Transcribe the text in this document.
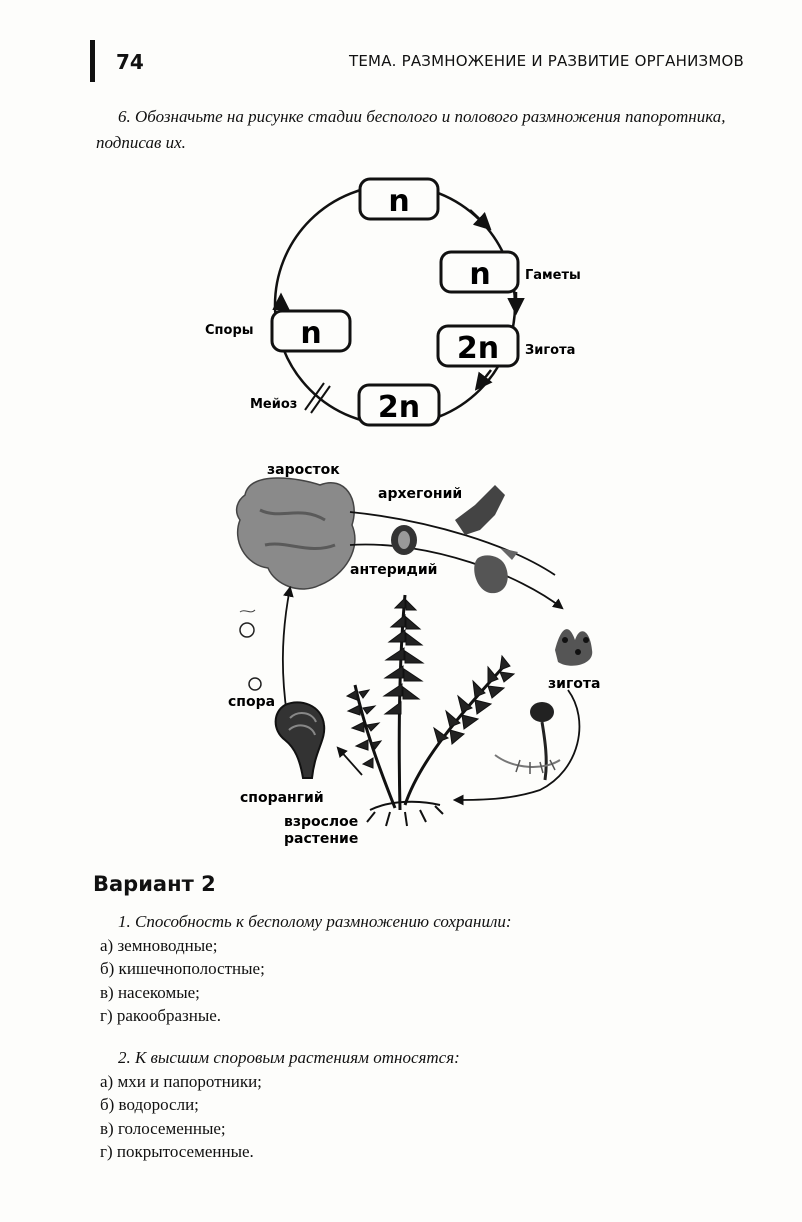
74	ТЕМА. РАЗМНОЖЕНИЕ И РАЗВИТИЕ ОРГАНИЗМОВ
6. Обозначьте на рисунке стадии бесполого и полового размножения папоротника, подписав их.
n
n
n	2n
2n
Гаметы
Споры
Зигота
Мейоз
заросток
архегоний
антеридий
зигота
спора
спорангий
взрослое
растение
Вариант 2
1. Способность к бесполому размножению сохранили:
а) земноводные;
б) кишечнополостные;
в) насекомые;
г) ракообразные.
2. К высшим споровым растениям относятся:
а) мхи и папоротники;
б) водоросли;
в) голосеменные;
г) покрытосеменные.
